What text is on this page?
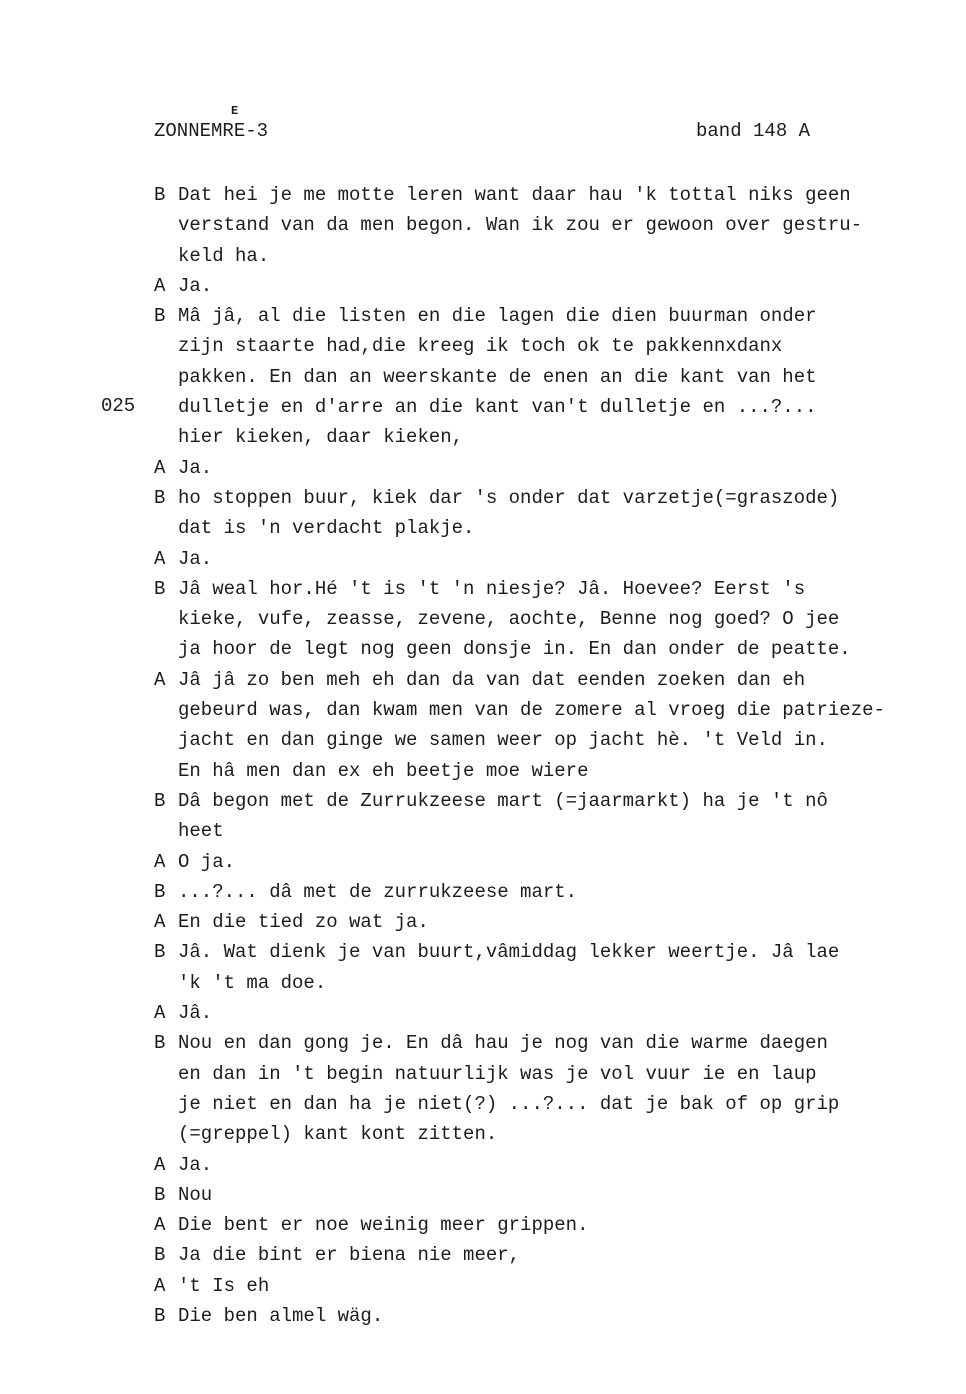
ZONNEMRE-3
E
band 148 A
025
B Dat hei je me motte leren want daar hau 'k tottal niks geen
verstand van da men begon. Wan ik zou er gewoon over gestru-
keld ha.
A Ja.
B Mâ jâ, al die listen en die lagen die dien buurman onder
zijn staarte had,die kreeg ik toch ok te pakkennxdanx
pakken. En dan an weerskante de enen an die kant van het
dulletje en d'arre an die kant van't dulletje en ...?...
hier kieken, daar kieken,
A Ja.
B ho stoppen buur, kiek dar 's onder dat varzetje(=graszode)
dat is 'n verdacht plakje.
A Ja.
B Jâ weal hor.Hé 't is 't 'n niesje? Jâ. Hoevee? Eerst 's
kieke, vufe, zeasse, zevene, aochte, Benne nog goed? O jee
ja hoor de legt nog geen donsje in. En dan onder de peatte.
A Jâ jâ zo ben meh eh dan da van dat eenden zoeken dan eh
gebeurd was, dan kwam men van de zomere al vroeg die patrieze-
jacht en dan ginge we samen weer op jacht hè. 't Veld in.
En hâ men dan ex eh beetje moe wiere
B Dâ begon met de Zurrukzeese mart (=jaarmarkt) ha je 't nô
heet
A O ja.
B ...?... dâ met de zurrukzeese mart.
A En die tied zo wat ja.
B Jâ. Wat dienk je van buurt,vâmiddag lekker weertje. Jâ lae
'k 't ma doe.
A Jâ.
B Nou en dan gong je. En dâ hau je nog van die warme daegen
en dan in 't begin natuurlijk was je vol vuur ie en laup
je niet en dan ha je niet(?) ...?... dat je bak of op grip
(=greppel) kant kont zitten.
A Ja.
B Nou
A Die bent er noe weinig meer grippen.
B Ja die bint er biena nie meer,
A 't Is eh
B Die ben almel wäg.
